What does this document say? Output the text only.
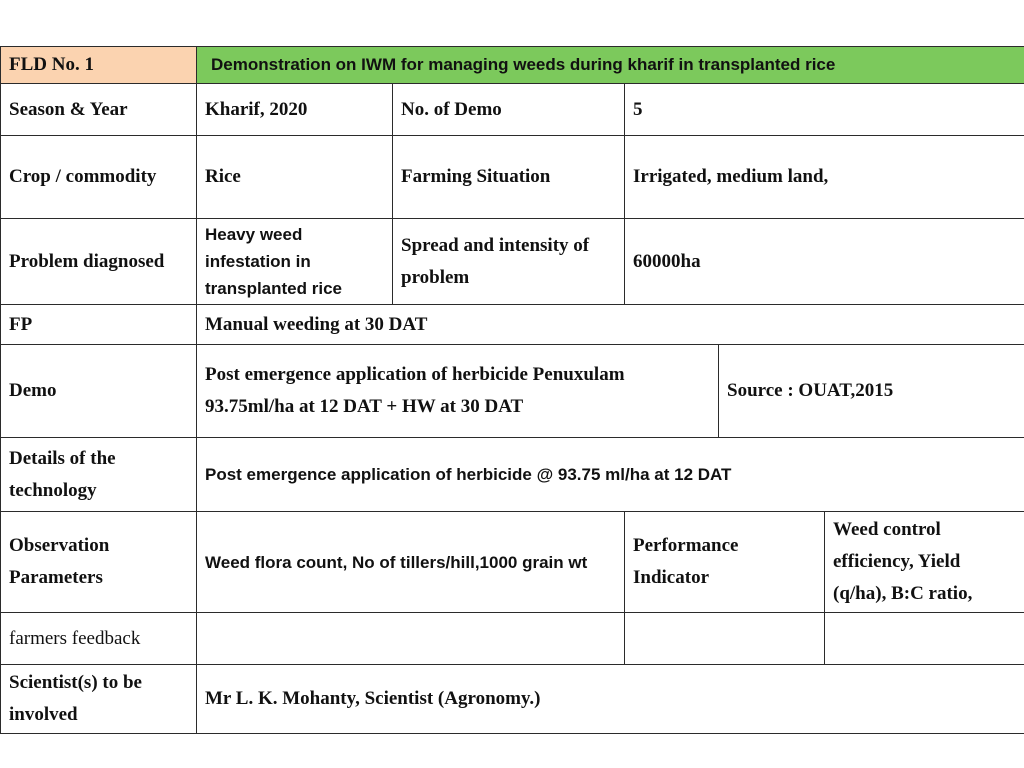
FLD No. 1	Demonstration on IWM for managing weeds during kharif in transplanted rice				
Season & Year	Kharif, 2020	No. of Demo	5		
Crop / commodity	Rice	Farming Situation	Irrigated, medium land,		
Problem diagnosed	Heavy weed infestation in transplanted rice	Spread and intensity of problem	60000ha		
FP	Manual weeding at 30 DAT				
Demo	Post emergence application of herbicide Penuxulam 93.75ml/ha at 12 DAT + HW at 30 DAT			Source : OUAT,2015	
Details of the technology	Post emergence application of herbicide @ 93.75 ml/ha at 12 DAT				
Observation Parameters	Weed flora count, No of tillers/hill,1000 grain wt		Performance Indicator		Weed control efficiency, Yield (q/ha), B:C ratio,
farmers feedback					
Scientist(s) to be involved	Mr L. K. Mohanty, Scientist (Agronomy.)				
